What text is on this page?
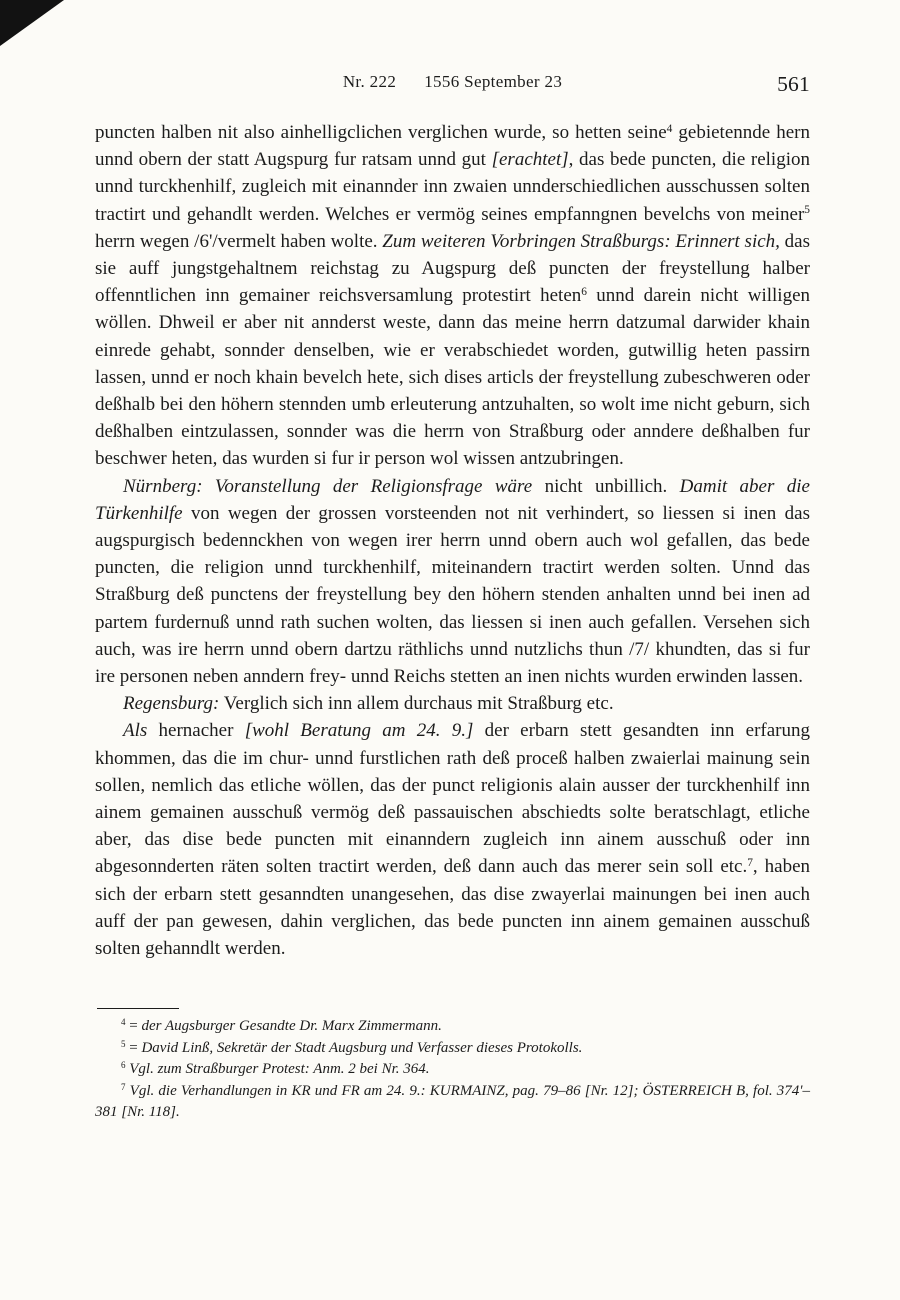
Nr. 222 1556 September 23	561

puncten halben nit also ainhelligclichen verglichen wurde, so hetten seine$^4$ gebietennde hern unnd obern der statt Augspurg fur ratsam unnd gut [erachtet], das bede puncten, die religion unnd turckhenhilf, zugleich mit einannder inn zwaien unnderschiedlichen ausschussen solten tractirt und gehandlt werden. Welches er vermög seines empfanngnen bevelchs von meiner$^5$ herrn wegen /6'/vermelt haben wolte. Zum weiteren Vorbringen Straßburgs: Erinnert sich, das sie auff jungstgehaltnem reichstag zu Augspurg deß puncten der freystellung halber offenntlichen inn gemainer reichsversamlung protestirt heten$^6$ unnd darein nicht willigen wöllen. Dhweil er aber nit annderst weste, dann das meine herrn datzumal darwider khain einrede gehabt, sonnder denselben, wie er verabschiedet worden, gutwillig heten passirn lassen, unnd er noch khain bevelch hete, sich dises articls der freystellung zubeschweren oder deßhalb bei den höhern stennden umb erleuterung antzuhalten, so wolt ime nicht geburn, sich deßhalben eintzulassen, sonnder was die herrn von Straßburg oder anndere deßhalben fur beschwer heten, das wurden si fur ir person wol wissen antzubringen.

Nürnberg: Voranstellung der Religionsfrage wäre nicht unbillich. Damit aber die Türkenhilfe von wegen der grossen vorsteenden not nit verhindert, so liessen si inen das augspurgisch bedennckhen von wegen irer herrn unnd obern auch wol gefallen, das bede puncten, die religion unnd turckhenhilf, miteinandern tractirt werden solten. Unnd das Straßburg deß punctens der freystellung bey den höhern stenden anhalten unnd bei inen ad partem furdernuß unnd rath suchen wolten, das liessen si inen auch gefallen. Versehen sich auch, was ire herrn unnd obern dartzu räthlichs unnd nutzlichs thun /7/ khundten, das si fur ire personen neben anndern frey- unnd Reichs stetten an inen nichts wurden erwinden lassen.

Regensburg: Verglich sich inn allem durchaus mit Straßburg etc.

Als hernacher [wohl Beratung am 24. 9.] der erbarn stett gesandten inn erfarung khommen, das die im chur- unnd furstlichen rath deß proceß halben zwaierlai mainung sein sollen, nemlich das etliche wöllen, das der punct religionis alain ausser der turckhenhilf inn ainem gemainen ausschuß vermög deß passauischen abschiedts solte beratschlagt, etliche aber, das dise bede puncten mit einanndern zugleich inn ainem ausschuß oder inn abgesonnderten räten solten tractirt werden, deß dann auch das merer sein soll etc.$^7$, haben sich der erbarn stett gesanndten unangesehen, das dise zwayerlai mainungen bei inen auch auff der pan gewesen, dahin verglichen, das bede puncten inn ainem gemainen ausschuß solten gehanndlt werden.

$^4$ = der Augsburger Gesandte Dr. Marx Zimmermann.

$^5$ = David Linß, Sekretär der Stadt Augsburg und Verfasser dieses Protokolls.

$^6$ Vgl. zum Straßburger Protest: Anm. 2 bei Nr. 364.

$^7$ Vgl. die Verhandlungen in KR und FR am 24. 9.: KURMAINZ, pag. 79–86 [Nr. 12]; ÖSTERREICH B, fol. 374'–381 [Nr. 118].
